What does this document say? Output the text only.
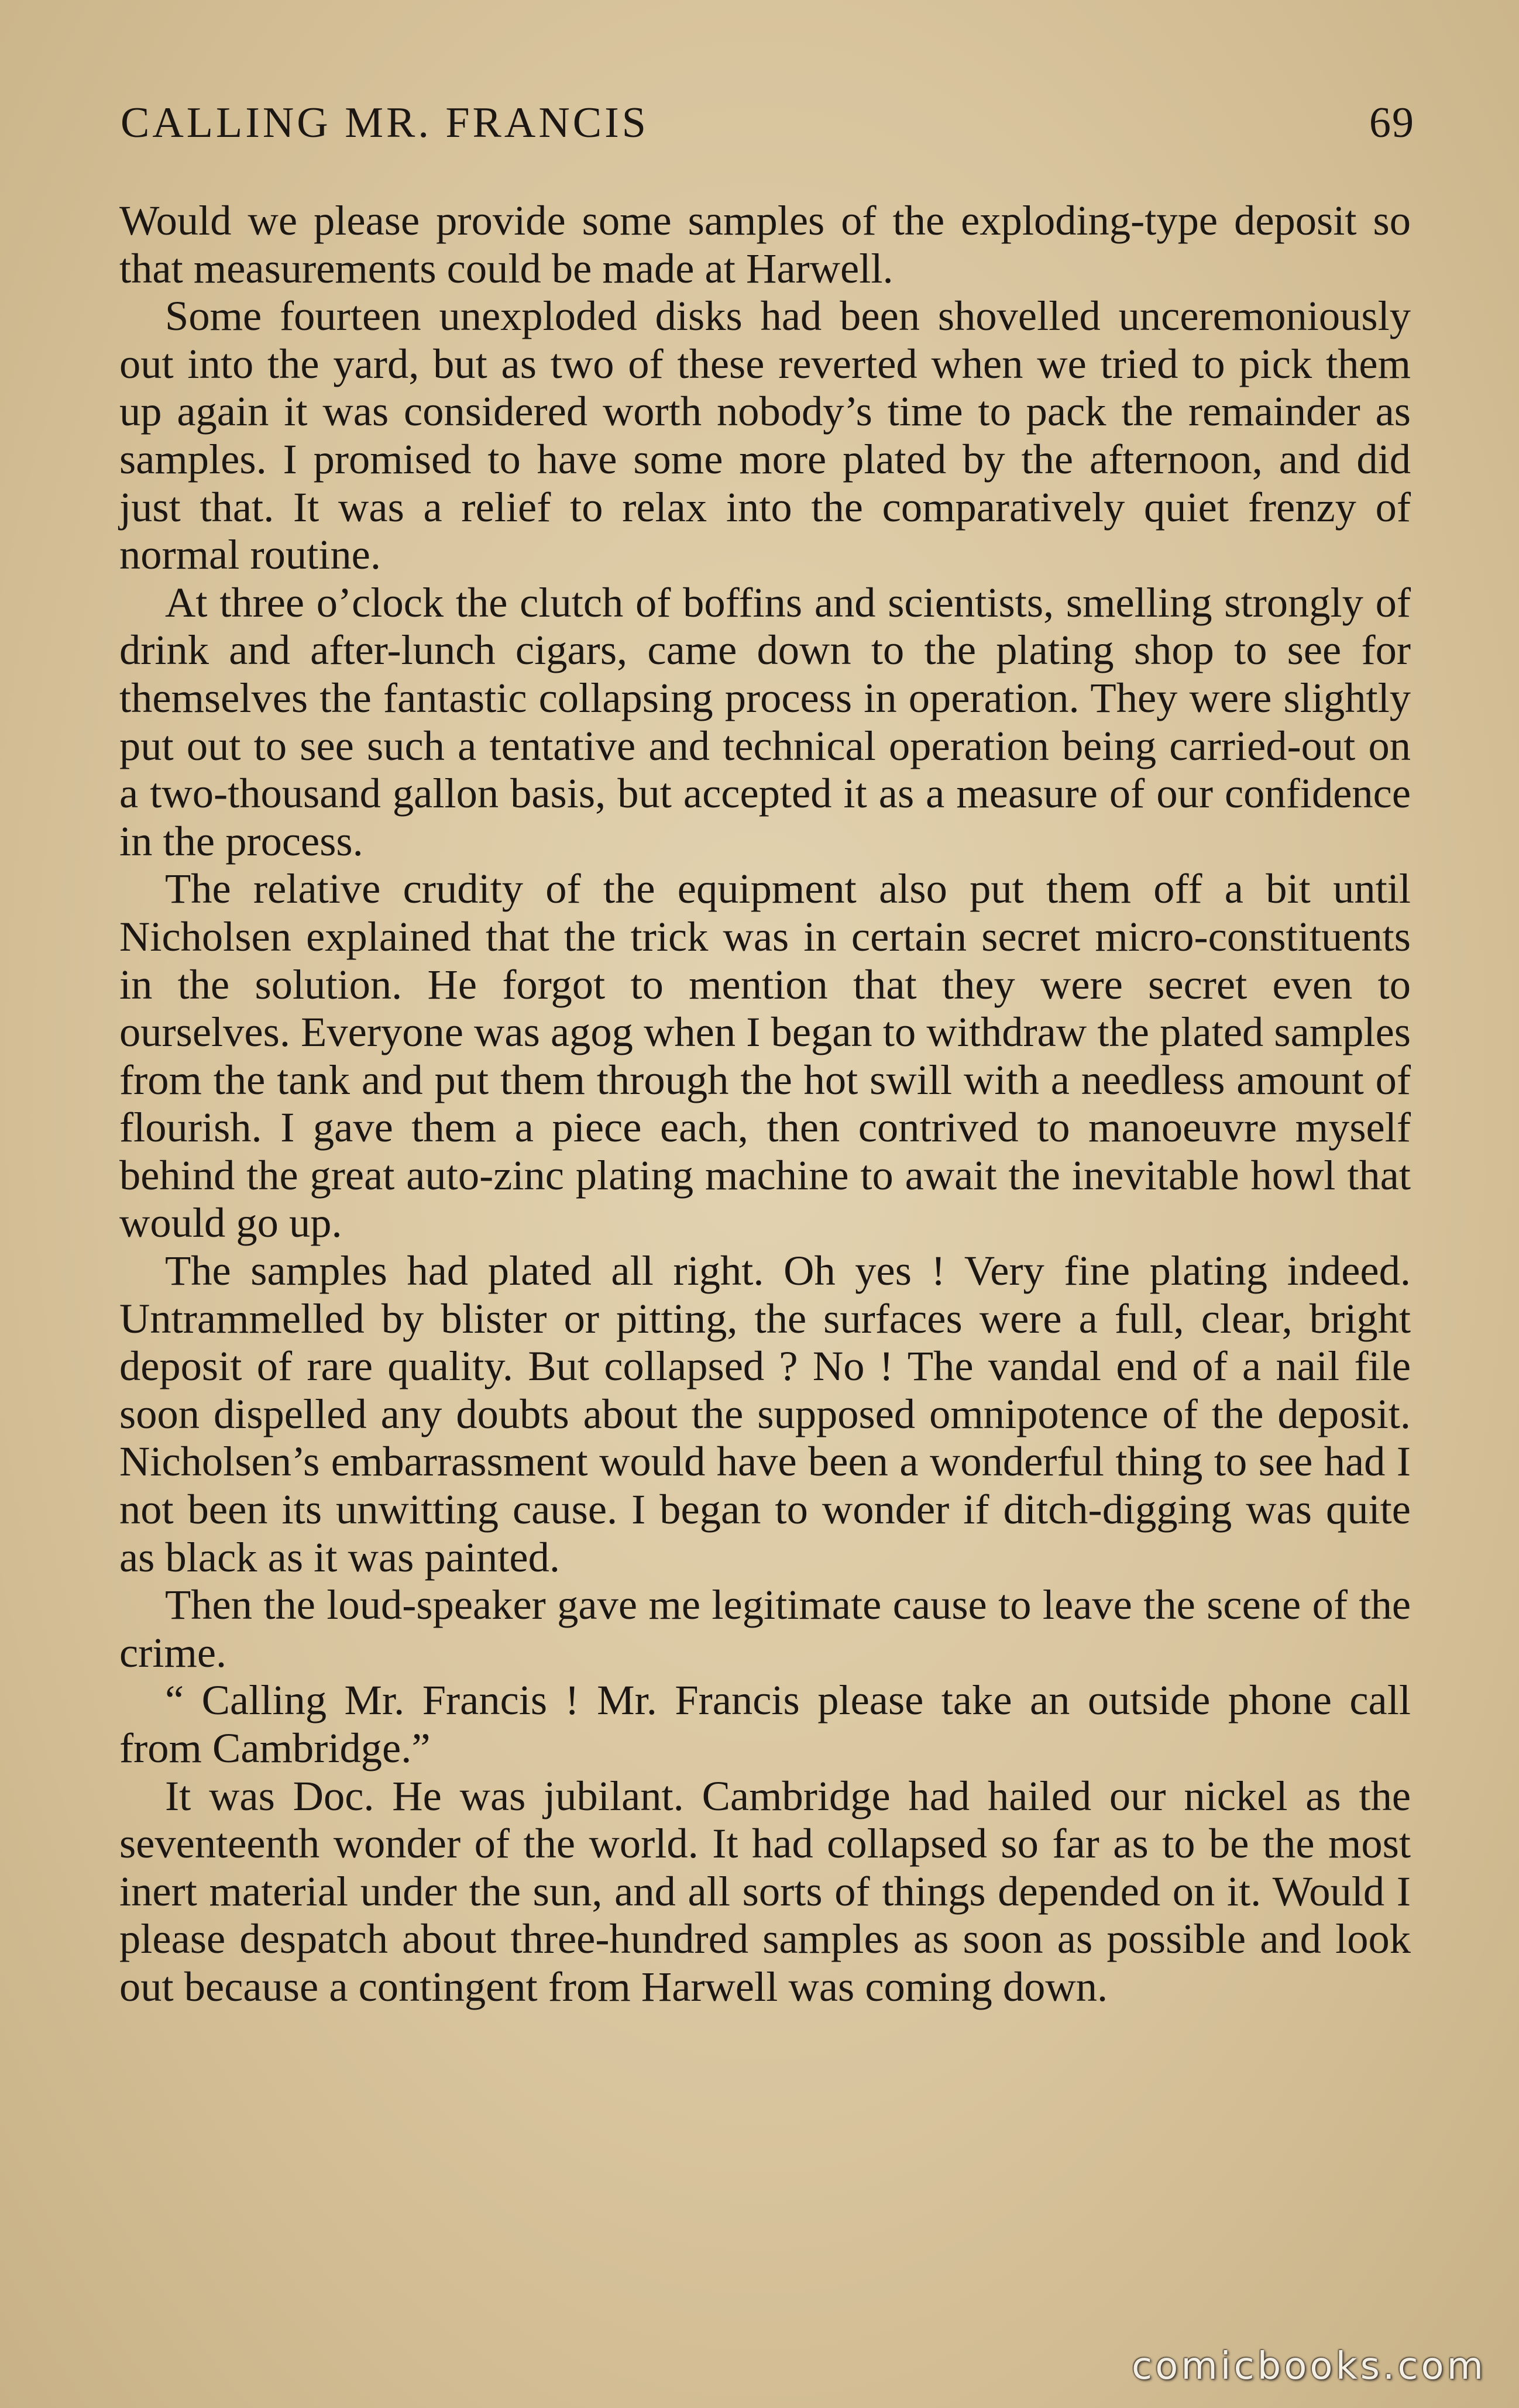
CALLING MR. FRANCIS	69

Would we please provide some samples of the exploding-type deposit so that measurements could be made at Harwell.

Some fourteen unexploded disks had been shovelled unceremoniously out into the yard, but as two of these reverted when we tried to pick them up again it was considered worth nobody’s time to pack the remainder as samples. I promised to have some more plated by the afternoon, and did just that. It was a relief to relax into the comparatively quiet frenzy of normal routine.

At three o’clock the clutch of boffins and scientists, smelling strongly of drink and after-lunch cigars, came down to the plating shop to see for themselves the fantastic collapsing process in operation. They were slightly put out to see such a tentative and technical operation being carried-out on a two-thousand gallon basis, but accepted it as a measure of our confidence in the process.

The relative crudity of the equipment also put them off a bit until Nicholsen explained that the trick was in certain secret micro-constituents in the solution. He forgot to mention that they were secret even to ourselves. Everyone was agog when I began to withdraw the plated samples from the tank and put them through the hot swill with a needless amount of flourish. I gave them a piece each, then contrived to manoeuvre myself behind the great auto-zinc plating machine to await the inevitable howl that would go up.

The samples had plated all right. Oh yes ! Very fine plating indeed. Untrammelled by blister or pitting, the surfaces were a full, clear, bright deposit of rare quality. But collapsed ? No ! The vandal end of a nail file soon dispelled any doubts about the supposed omnipotence of the deposit. Nicholsen’s embarrassment would have been a wonderful thing to see had I not been its unwitting cause. I began to wonder if ditch-digging was quite as black as it was painted.

Then the loud-speaker gave me legitimate cause to leave the scene of the crime.

“ Calling Mr. Francis ! Mr. Francis please take an outside phone call from Cambridge.”

It was Doc. He was jubilant. Cambridge had hailed our nickel as the seventeenth wonder of the world. It had collapsed so far as to be the most inert material under the sun, and all sorts of things depended on it. Would I please despatch about three-hundred samples as soon as possible and look out because a contingent from Harwell was coming down.

comicbooks.com
